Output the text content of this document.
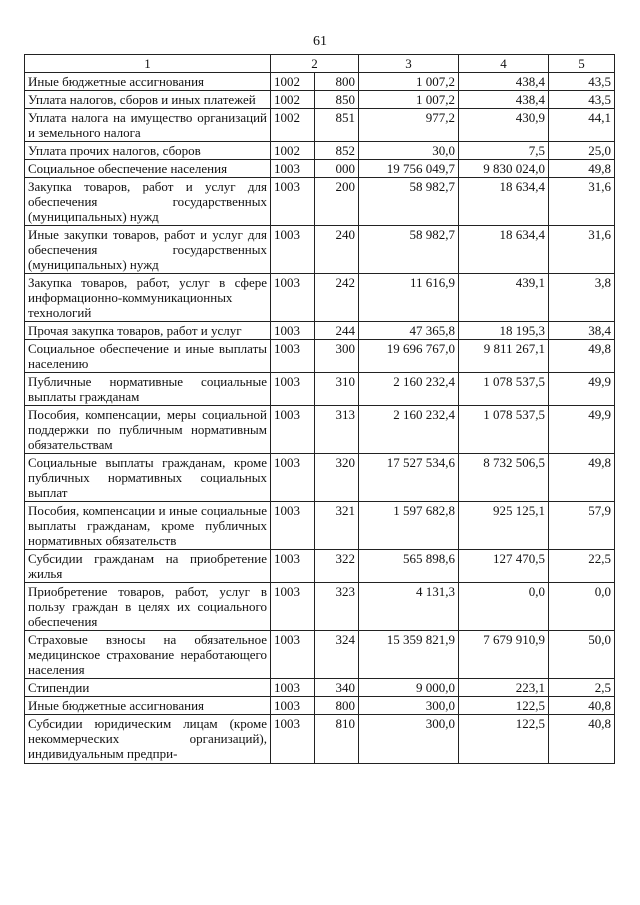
61
1	2		3	4	5
Иные бюджетные ассигнования	1002	800	1 007,2	438,4	43,5
Уплата налогов, сборов и иных платежей	1002	850	1 007,2	438,4	43,5
Уплата налога на имущество организаций и земельного налога	1002	851	977,2	430,9	44,1
Уплата прочих налогов, сборов	1002	852	30,0	7,5	25,0
Социальное обеспечение населения	1003	000	19 756 049,7	9 830 024,0	49,8
Закупка товаров, работ и услуг для обеспечения государственных (муниципальных) нужд	1003	200	58 982,7	18 634,4	31,6
Иные закупки товаров, работ и услуг для обеспечения государственных (муниципальных) нужд	1003	240	58 982,7	18 634,4	31,6
Закупка товаров, работ, услуг в сфере информационно-коммуникационных технологий	1003	242	11 616,9	439,1	3,8
Прочая закупка товаров, работ и услуг	1003	244	47 365,8	18 195,3	38,4
Социальное обеспечение и иные выплаты населению	1003	300	19 696 767,0	9 811 267,1	49,8
Публичные нормативные социальные выплаты гражданам	1003	310	2 160 232,4	1 078 537,5	49,9
Пособия, компенсации, меры социальной поддержки по публичным нормативным обязательствам	1003	313	2 160 232,4	1 078 537,5	49,9
Социальные выплаты гражданам, кроме публичных нормативных социальных выплат	1003	320	17 527 534,6	8 732 506,5	49,8
Пособия, компенсации и иные социальные выплаты гражданам, кроме публичных нормативных обязательств	1003	321	1 597 682,8	925 125,1	57,9
Субсидии гражданам на приобретение жилья	1003	322	565 898,6	127 470,5	22,5
Приобретение товаров, работ, услуг в пользу граждан в целях их социального обеспечения	1003	323	4 131,3	0,0	0,0
Страховые взносы на обязательное медицинское страхование неработающего населения	1003	324	15 359 821,9	7 679 910,9	50,0
Стипендии	1003	340	9 000,0	223,1	2,5
Иные бюджетные ассигнования	1003	800	300,0	122,5	40,8
Субсидии юридическим лицам (кроме некоммерческих организаций), индивидуальным предпри-	1003	810	300,0	122,5	40,8
